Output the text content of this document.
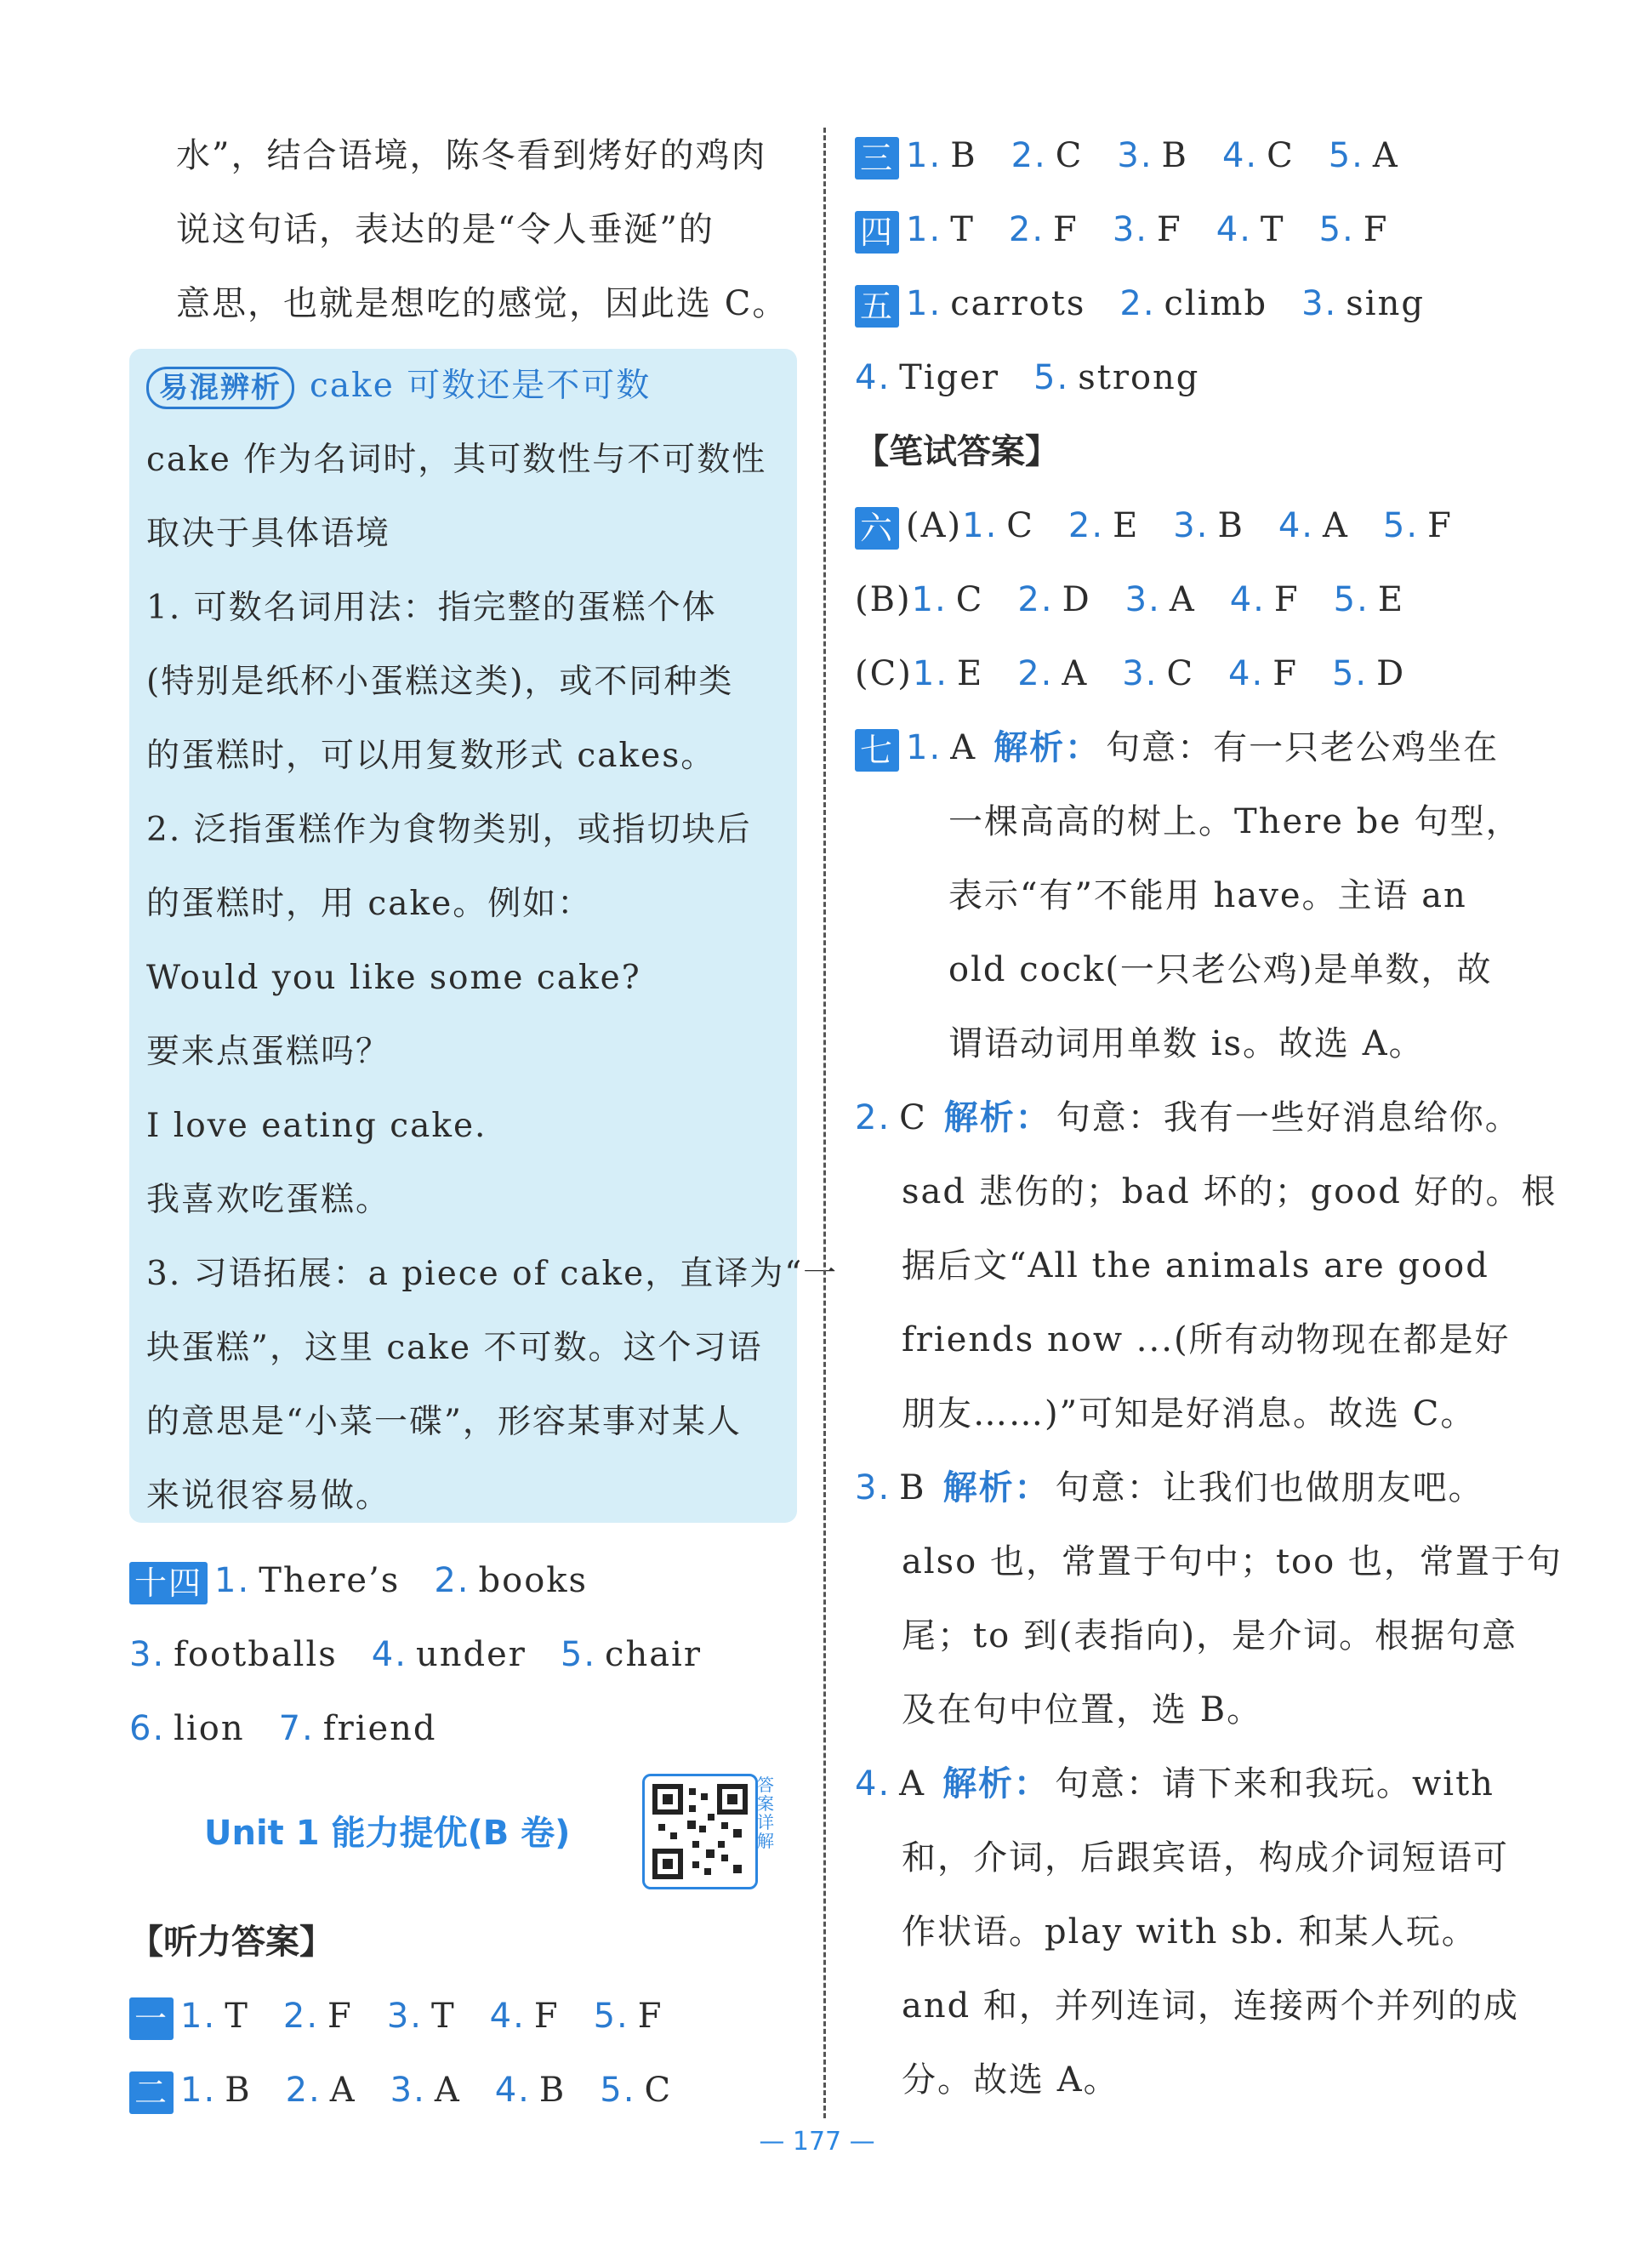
水”，结合语境，陈冬看到烤好的鸡肉
说这句话，表达的是“令人垂涎”的
意思，也就是想吃的感觉，因此选 C。
易混辨析 cake 可数还是不可数
cake 作为名词时，其可数性与不可数性
取决于具体语境
1. 可数名词用法：指完整的蛋糕个体
(特别是纸杯小蛋糕这类)，或不同种类
的蛋糕时，可以用复数形式 cakes。
2. 泛指蛋糕作为食物类别，或指切块后
的蛋糕时，用 cake。例如：
Would you like some cake?
要来点蛋糕吗？
I love eating cake.
我喜欢吃蛋糕。
3. 习语拓展：a piece of cake，直译为“一
块蛋糕”，这里 cake 不可数。这个习语
的意思是“小菜一碟”，形容某事对某人
来说很容易做。
十四 1. There’s 2. books
3. footballs 4. under 5. chair
6. lion 7. friend
Unit 1 能力提优(B 卷)
答案详解
【听力答案】
一 1. T 2. F 3. T 4. F 5. F
二 1. B 2. A 3. A 4. B 5. C
三 1. B 2. C 3. B 4. C 5. A
四 1. T 2. F 3. F 4. T 5. F
五 1. carrots 2. climb 3. sing
4. Tiger 5. strong
【笔试答案】
六 (A)1. C 2. E 3. B 4. A 5. F
(B)1. C 2. D 3. A 4. F 5. E
(C)1. E 2. A 3. C 4. F 5. D
七 1. A 解析： 句意：有一只老公鸡坐在
一棵高高的树上。There be 句型，
表示“有”不能用 have。主语 an
old cock(一只老公鸡)是单数，故
谓语动词用单数 is。故选 A。
2. C 解析： 句意：我有一些好消息给你。
sad 悲伤的；bad 坏的；good 好的。根
据后文“All the animals are good
friends now ...(所有动物现在都是好
朋友……)”可知是好消息。故选 C。
3. B 解析： 句意：让我们也做朋友吧。
also 也，常置于句中；too 也，常置于句
尾；to 到(表指向)，是介词。根据句意
及在句中位置，选 B。
4. A 解析： 句意：请下来和我玩。with
和，介词，后跟宾语，构成介词短语可
作状语。play with sb. 和某人玩。
and 和，并列连词，连接两个并列的成
分。故选 A。
— 177 —
